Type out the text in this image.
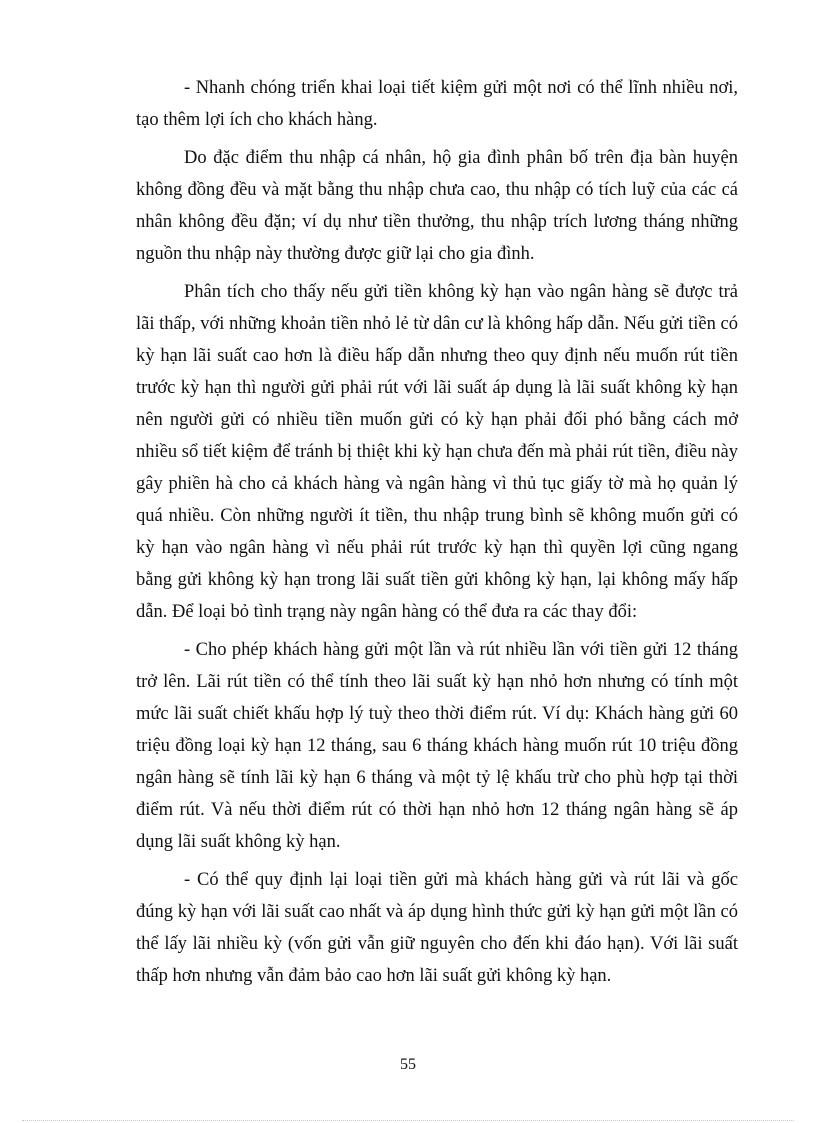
- Nhanh chóng triển khai loại tiết kiệm gửi một nơi có thể lĩnh nhiều nơi, tạo thêm lợi ích cho khách hàng.

Do đặc điểm thu nhập cá nhân, hộ gia đình phân bố trên địa bàn huyện không đồng đều và mặt bằng thu nhập chưa cao, thu nhập có tích luỹ của các cá nhân không đều đặn; ví dụ như tiền thưởng, thu nhập trích lương tháng những nguồn thu nhập này thường được giữ lại cho gia đình.

Phân tích cho thấy nếu gửi tiền không kỳ hạn vào ngân hàng sẽ được trả lãi thấp, với những khoản tiền nhỏ lẻ từ dân cư là không hấp dẫn. Nếu gửi tiền có kỳ hạn lãi suất cao hơn là điều hấp dẫn nhưng theo quy định nếu muốn rút tiền trước kỳ hạn thì người gửi phải rút với lãi suất áp dụng là lãi suất không kỳ hạn nên người gửi có nhiều tiền muốn gửi có kỳ hạn phải đối phó bằng cách mở nhiều sổ tiết kiệm để tránh bị thiệt khi kỳ hạn chưa đến mà phải rút tiền, điều này gây phiền hà cho cả khách hàng và ngân hàng vì thủ tục giấy tờ mà họ quản lý quá nhiều. Còn những người ít tiền, thu nhập trung bình sẽ không muốn gửi có kỳ hạn vào ngân hàng vì nếu phải rút trước kỳ hạn thì quyền lợi cũng ngang bằng gửi không kỳ hạn trong lãi suất tiền gửi không kỳ hạn, lại không mấy hấp dẫn. Để loại bỏ tình trạng này ngân hàng có thể đưa ra các thay đổi:

- Cho phép khách hàng gửi một lần và rút nhiều lần với tiền gửi 12 tháng trở lên. Lãi rút tiền có thể tính theo lãi suất kỳ hạn nhỏ hơn nhưng có tính một mức lãi suất chiết khấu hợp lý tuỳ theo thời điểm rút. Ví dụ: Khách hàng gửi 60 triệu đồng loại kỳ hạn 12 tháng, sau 6 tháng khách hàng muốn rút 10 triệu đồng ngân hàng sẽ tính lãi kỳ hạn 6 tháng và một tỷ lệ khấu trừ cho phù hợp tại thời điểm rút. Và nếu thời điểm rút có thời hạn nhỏ hơn 12 tháng ngân hàng sẽ áp dụng lãi suất không kỳ hạn.

- Có thể quy định lại loại tiền gửi mà khách hàng gửi và rút lãi và gốc đúng kỳ hạn với lãi suất cao nhất và áp dụng hình thức gửi kỳ hạn gửi một lần có thể lấy lãi nhiều kỳ (vốn gửi vẫn giữ nguyên cho đến khi đáo hạn). Với lãi suất thấp hơn nhưng vẫn đảm bảo cao hơn lãi suất gửi không kỳ hạn.

55
